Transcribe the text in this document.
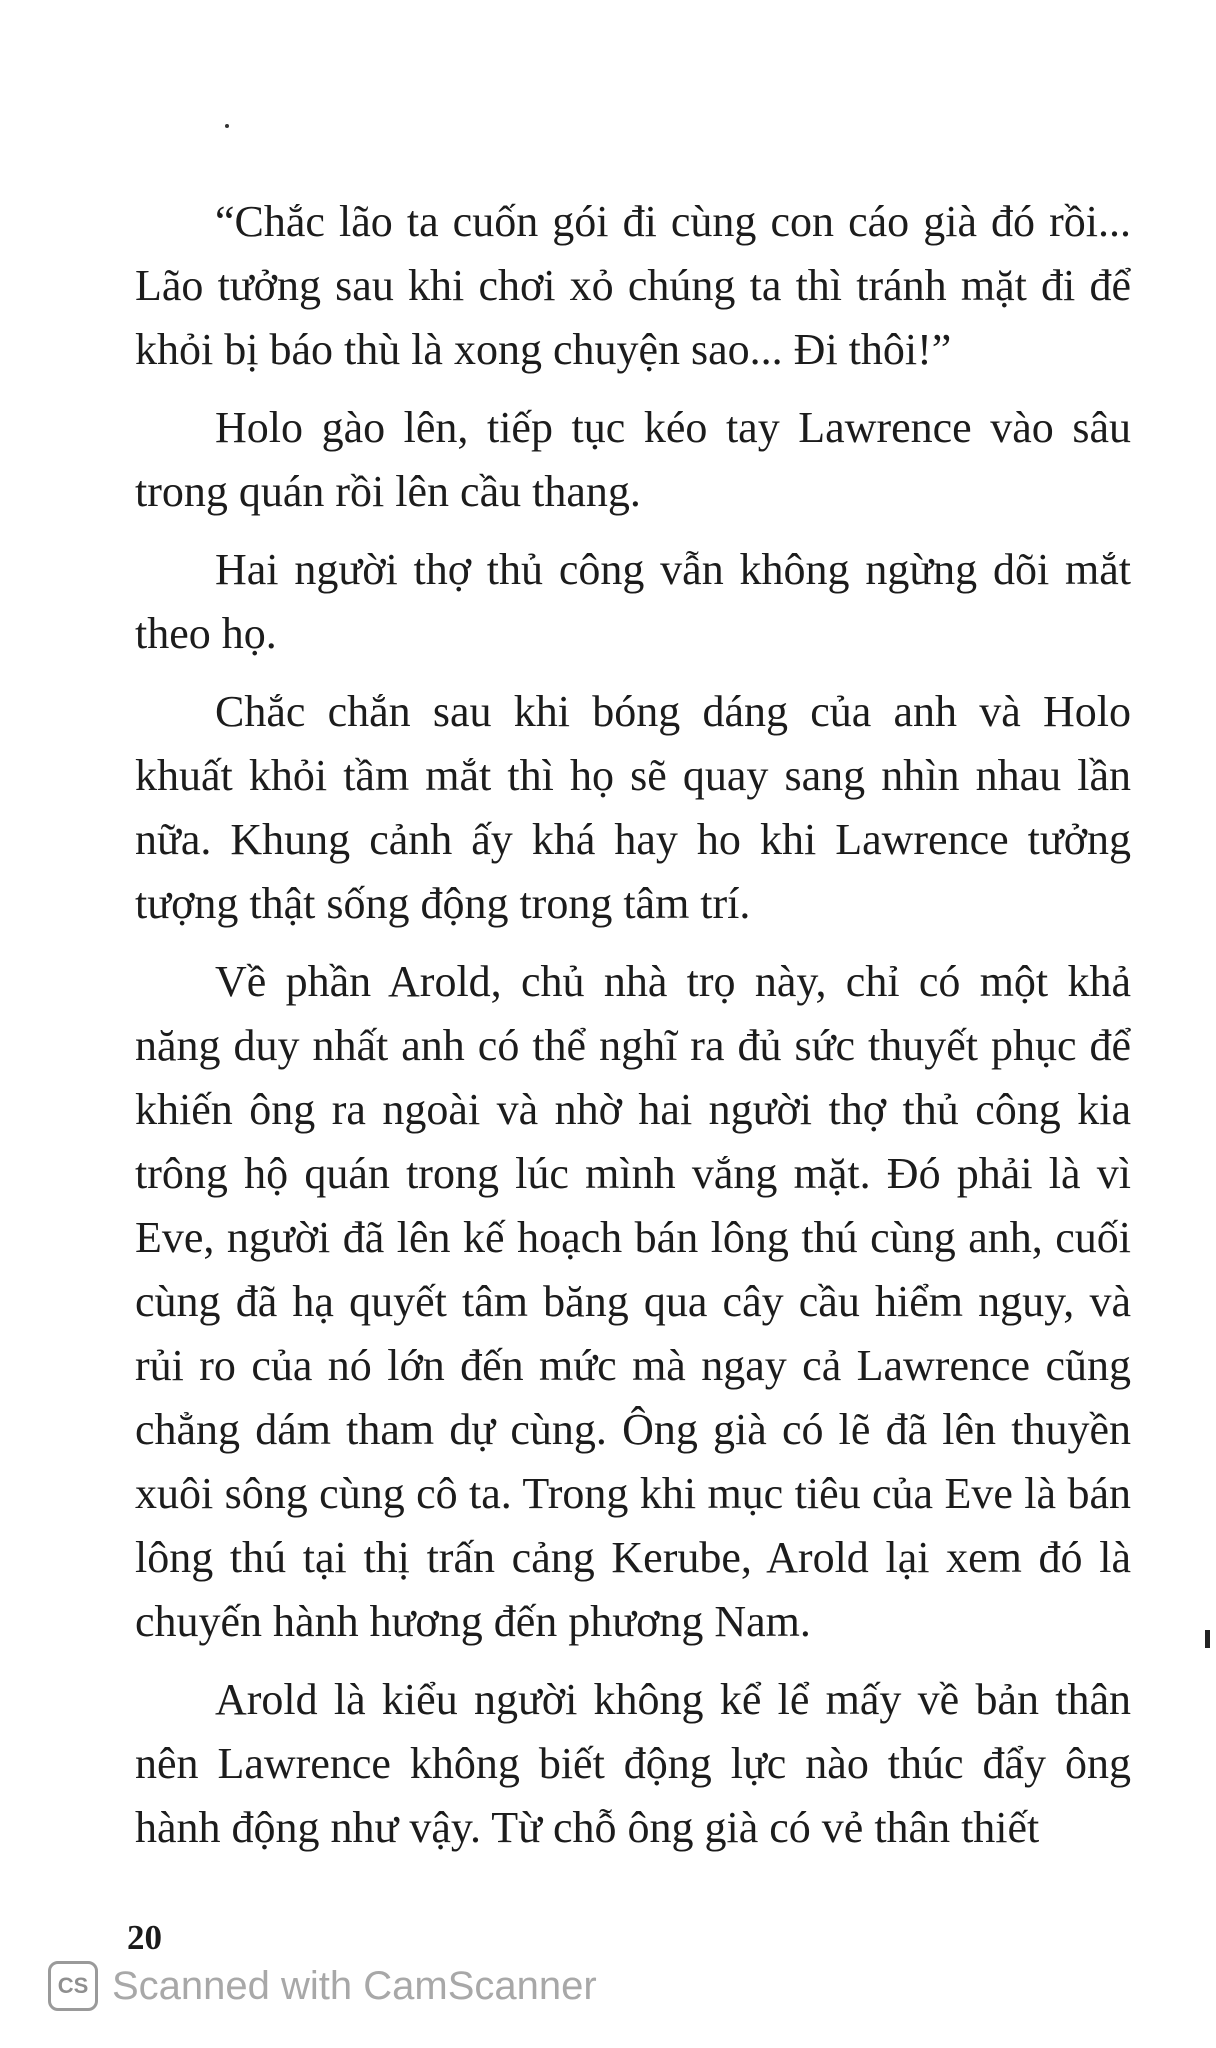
“Chắc lão ta cuốn gói đi cùng con cáo già đó rồi... Lão tưởng sau khi chơi xỏ chúng ta thì tránh mặt đi để khỏi bị báo thù là xong chuyện sao... Đi thôi!”

Holo gào lên, tiếp tục kéo tay Lawrence vào sâu trong quán rồi lên cầu thang.

Hai người thợ thủ công vẫn không ngừng dõi mắt theo họ.

Chắc chắn sau khi bóng dáng của anh và Holo khuất khỏi tầm mắt thì họ sẽ quay sang nhìn nhau lần nữa. Khung cảnh ấy khá hay ho khi Lawrence tưởng tượng thật sống động trong tâm trí.

Về phần Arold, chủ nhà trọ này, chỉ có một khả năng duy nhất anh có thể nghĩ ra đủ sức thuyết phục để khiến ông ra ngoài và nhờ hai người thợ thủ công kia trông hộ quán trong lúc mình vắng mặt. Đó phải là vì Eve, người đã lên kế hoạch bán lông thú cùng anh, cuối cùng đã hạ quyết tâm băng qua cây cầu hiểm nguy, và rủi ro của nó lớn đến mức mà ngay cả Lawrence cũng chẳng dám tham dự cùng. Ông già có lẽ đã lên thuyền xuôi sông cùng cô ta. Trong khi mục tiêu của Eve là bán lông thú tại thị trấn cảng Kerube, Arold lại xem đó là chuyến hành hương đến phương Nam.

Arold là kiểu người không kể lể mấy về bản thân nên Lawrence không biết động lực nào thúc đẩy ông hành động như vậy. Từ chỗ ông già có vẻ thân thiết

20
CS Scanned with CamScanner
